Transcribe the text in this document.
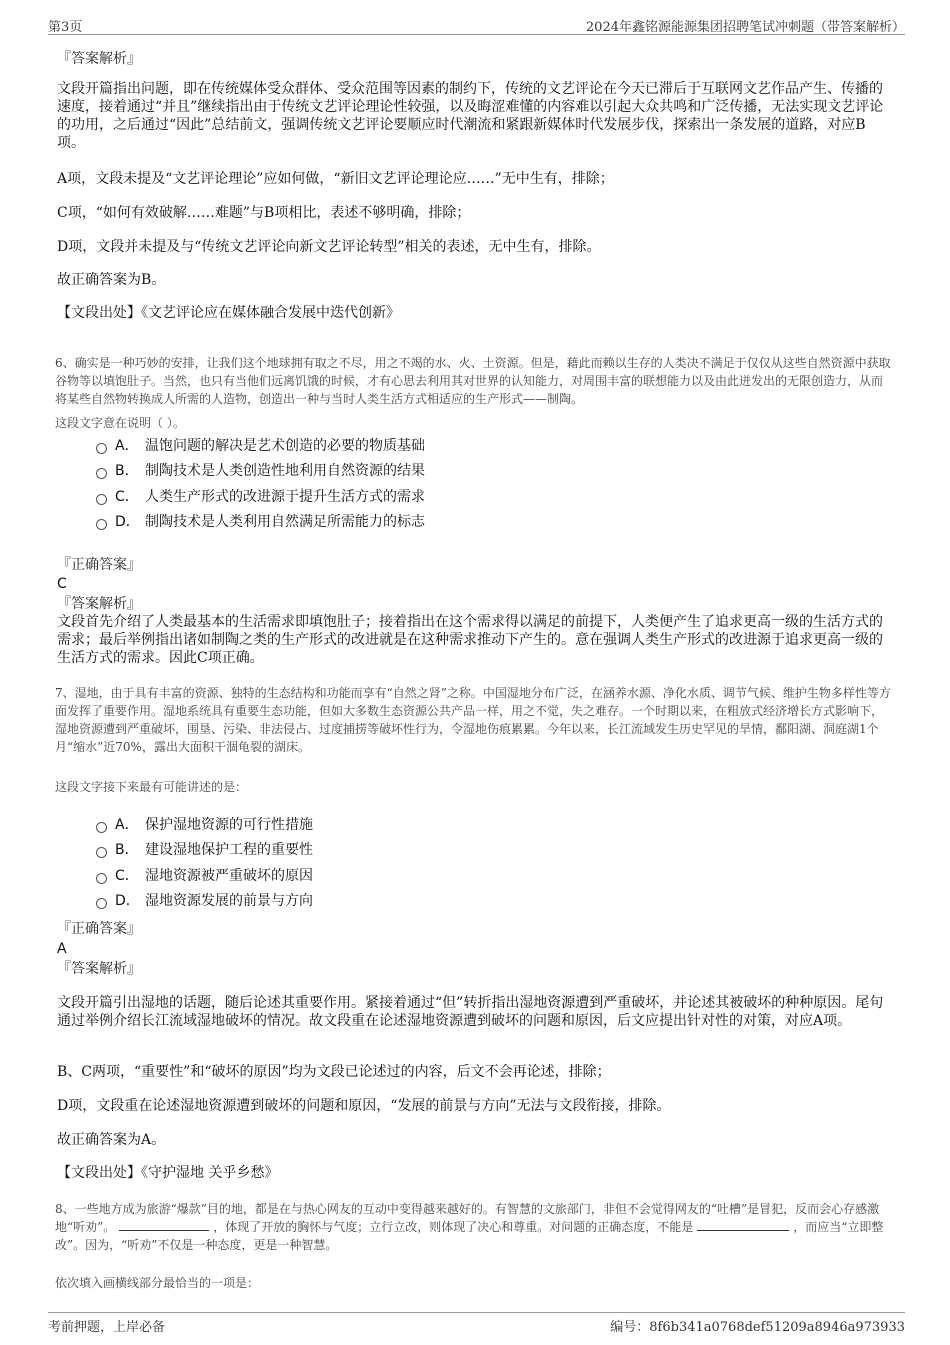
第3页	2024年鑫铭源能源集团招聘笔试冲刺题（带答案解析）
『答案解析』
文段开篇指出问题，即在传统媒体受众群体、受众范围等因素的制约下，传统的文艺评论在今天已滞后于互联网文艺作品产生、传播的速度，接着通过“并且”继续指出由于传统文艺评论理论性较强，以及晦涩难懂的内容难以引起大众共鸣和广泛传播，无法实现文艺评论的功用，之后通过“因此”总结前文，强调传统文艺评论要顺应时代潮流和紧跟新媒体时代发展步伐，探索出一条发展的道路，对应B项。
A项，文段未提及“文艺评论理论”应如何做，“新旧文艺评论理论应……”无中生有，排除；
C项，“如何有效破解……难题”与B项相比，表述不够明确，排除；
D项，文段并未提及与“传统文艺评论向新文艺评论转型”相关的表述，无中生有，排除。
故正确答案为B。
【文段出处】《文艺评论应在媒体融合发展中迭代创新》
6、确实是一种巧妙的安排，让我们这个地球拥有取之不尽，用之不竭的水、火、土资源。但是，藉此而赖以生存的人类决不满足于仅仅从这些自然资源中获取谷物等以填饱肚子。当然，也只有当他们远离饥饿的时候，才有心思去利用其对世界的认知能力，对周围丰富的联想能力以及由此迸发出的无限创造力，从而将某些自然物转换成人所需的人造物，创造出一种与当时人类生活方式相适应的生产形式——制陶。
这段文字意在说明（ ）。
A． 温饱问题的解决是艺术创造的必要的物质基础
B． 制陶技术是人类创造性地利用自然资源的结果
C． 人类生产形式的改进源于提升生活方式的需求
D． 制陶技术是人类利用自然满足所需能力的标志
『正确答案』
C
『答案解析』
文段首先介绍了人类最基本的生活需求即填饱肚子；接着指出在这个需求得以满足的前提下，人类便产生了追求更高一级的生活方式的需求；最后举例指出诸如制陶之类的生产形式的改进就是在这种需求推动下产生的。意在强调人类生产形式的改进源于追求更高一级的生活方式的需求。因此C项正确。
7、湿地，由于具有丰富的资源、独特的生态结构和功能而享有“自然之肾”之称。中国湿地分布广泛，在涵养水源、净化水质、调节气候、维护生物多样性等方面发挥了重要作用。湿地系统具有重要生态功能，但如大多数生态资源公共产品一样，用之不觉，失之难存。一个时期以来，在粗放式经济增长方式影响下，湿地资源遭到严重破坏，围垦、污染、非法侵占、过度捕捞等破坏性行为，令湿地伤痕累累。今年以来，长江流域发生历史罕见的旱情，鄱阳湖、洞庭湖1个月“缩水”近70%，露出大面积干涸龟裂的湖床。
这段文字接下来最有可能讲述的是：
A． 保护湿地资源的可行性措施
B． 建设湿地保护工程的重要性
C． 湿地资源被严重破坏的原因
D． 湿地资源发展的前景与方向
『正确答案』
A
『答案解析』
文段开篇引出湿地的话题，随后论述其重要作用。紧接着通过“但”转折指出湿地资源遭到严重破坏，并论述其被破坏的种种原因。尾句通过举例介绍长江流域湿地破坏的情况。故文段重在论述湿地资源遭到破坏的问题和原因，后文应提出针对性的对策，对应A项。
B、C两项，“重要性”和“破坏的原因”均为文段已论述过的内容，后文不会再论述，排除；
D项，文段重在论述湿地资源遭到破坏的问题和原因，“发展的前景与方向”无法与文段衔接，排除。
故正确答案为A。
【文段出处】《守护湿地 关乎乡愁》
8、一些地方成为旅游“爆款”目的地，都是在与热心网友的互动中变得越来越好的。有智慧的文旅部门，非但不会觉得网友的“吐槽”是冒犯，反而会心存感激地“听劝”。	，体现了开放的胸怀与气度；立行立改，则体现了决心和尊重。对问题的正确态度，不能是	，而应当“立即整改”。因为，“听劝”不仅是一种态度，更是一种智慧。
依次填入画横线部分最恰当的一项是：
考前押题，上岸必备	编号：8f6b341a0768def51209a8946a973933
